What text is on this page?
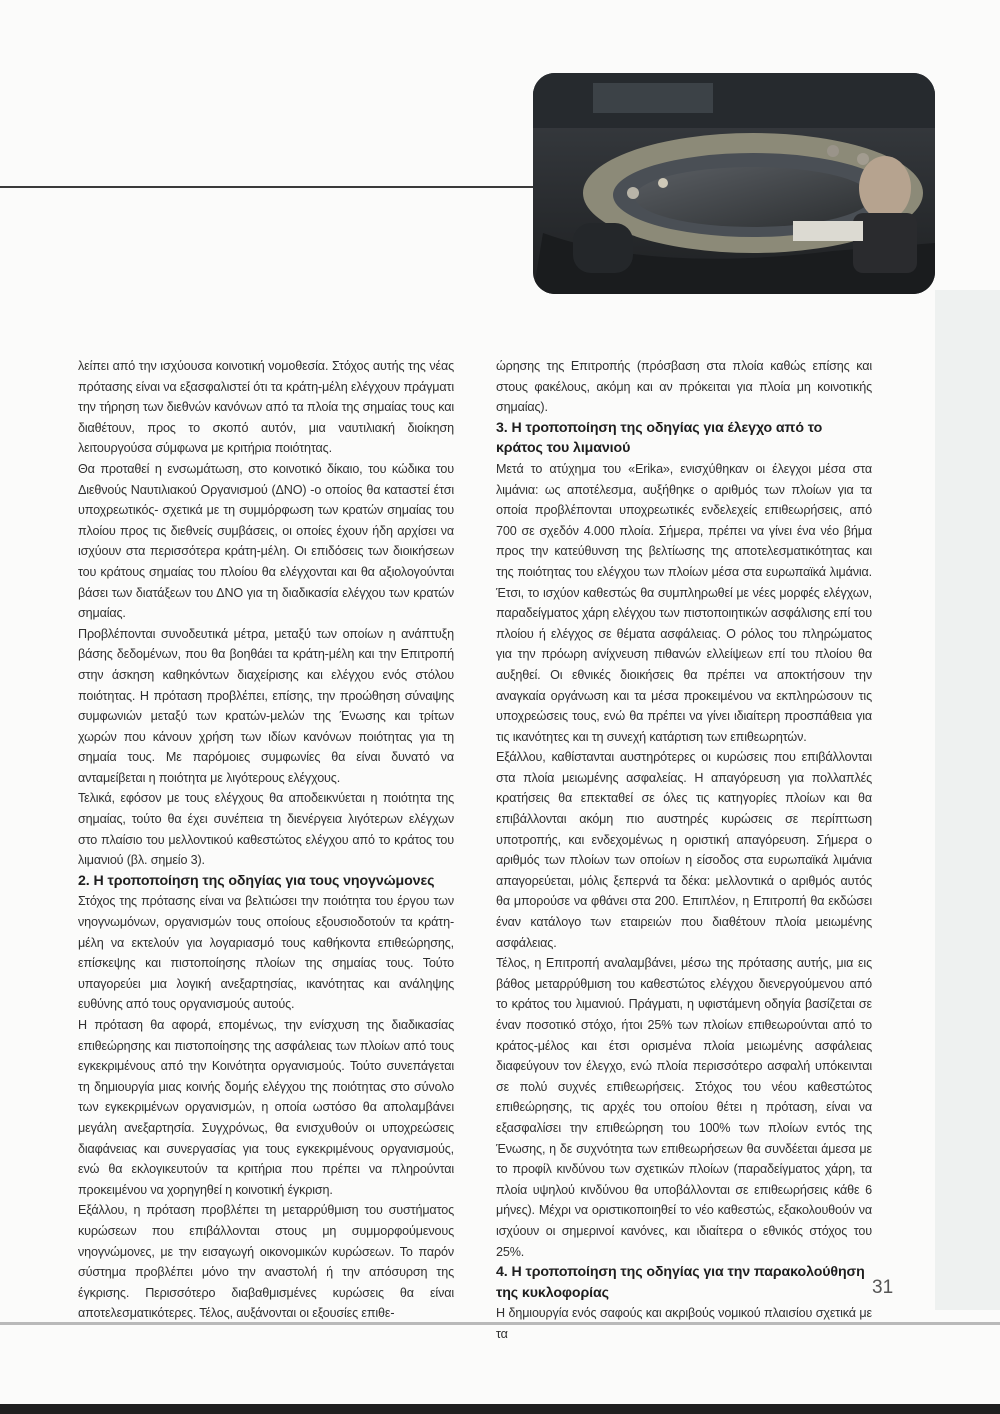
λείπει από την ισχύουσα κοινοτική νομοθεσία. Στόχος αυτής της νέας πρότασης είναι να εξασφαλιστεί ότι τα κράτη-μέλη ελέγχουν πράγματι την τήρηση των διεθνών κανόνων από τα πλοία της σημαίας τους και διαθέτουν, προς το σκοπό αυτόν, μια ναυτιλιακή διοίκηση λειτουργούσα σύμφωνα με κριτήρια ποιότητας.

Θα προταθεί η ενσωμάτωση, στο κοινοτικό δίκαιο, του κώδικα του Διεθνούς Ναυτιλιακού Οργανισμού (ΔΝΟ) -ο οποίος θα καταστεί έτσι υποχρεωτικός- σχετικά με τη συμμόρφωση των κρατών σημαίας του πλοίου προς τις διεθνείς συμβάσεις, οι οποίες έχουν ήδη αρχίσει να ισχύουν στα περισσότερα κράτη-μέλη. Οι επιδόσεις των διοικήσεων του κράτους σημαίας του πλοίου θα ελέγχονται και θα αξιολογούνται βάσει των διατάξεων του ΔΝΟ για τη διαδικασία ελέγχου των κρατών σημαίας.

Προβλέπονται συνοδευτικά μέτρα, μεταξύ των οποίων η ανάπτυξη βάσης δεδομένων, που θα βοηθάει τα κράτη-μέλη και την Επιτροπή στην άσκηση καθηκόντων διαχείρισης και ελέγχου ενός στόλου ποιότητας. Η πρόταση προβλέπει, επίσης, την προώθηση σύναψης συμφωνιών μεταξύ των κρατών-μελών της Ένωσης και τρίτων χωρών που κάνουν χρήση των ιδίων κανόνων ποιότητας για τη σημαία τους. Με παρόμοιες συμφωνίες θα είναι δυνατό να ανταμείβεται η ποιότητα με λιγότερους ελέγχους.

Τελικά, εφόσον με τους ελέγχους θα αποδεικνύεται η ποιότητα της σημαίας, τούτο θα έχει συνέπεια τη διενέργεια λιγότερων ελέγχων στο πλαίσιο του μελλοντικού καθεστώτος ελέγχου από το κράτος του λιμανιού (βλ. σημείο 3).

2. Η τροποποίηση της οδηγίας για τους νηογνώμονες

Στόχος της πρότασης είναι να βελτιώσει την ποιότητα του έργου των νηογνωμόνων, οργανισμών τους οποίους εξουσιοδοτούν τα κράτη-μέλη να εκτελούν για λογαριασμό τους καθήκοντα επιθεώρησης, επίσκεψης και πιστοποίησης πλοίων της σημαίας τους. Τούτο υπαγορεύει μια λογική ανεξαρτησίας, ικανότητας και ανάληψης ευθύνης από τους οργανισμούς αυτούς.

Η πρόταση θα αφορά, επομένως, την ενίσχυση της διαδικασίας επιθεώρησης και πιστοποίησης της ασφάλειας των πλοίων από τους εγκεκριμένους από την Κοινότητα οργανισμούς. Τούτο συνεπάγεται τη δημιουργία μιας κοινής δομής ελέγχου της ποιότητας στο σύνολο των εγκεκριμένων οργανισμών, η οποία ωστόσο θα απολαμβάνει μεγάλη ανεξαρτησία. Συγχρόνως, θα ενισχυθούν οι υποχρεώσεις διαφάνειας και συνεργασίας για τους εγκεκριμένους οργανισμούς, ενώ θα εκλογικευτούν τα κριτήρια που πρέπει να πληρούνται προκειμένου να χορηγηθεί η κοινοτική έγκριση.

Εξάλλου, η πρόταση προβλέπει τη μεταρρύθμιση του συστήματος κυρώσεων που επιβάλλονται στους μη συμμορφούμενους νηογνώμονες, με την εισαγωγή οικονομικών κυρώσεων. Το παρόν σύστημα προβλέπει μόνο την αναστολή ή την απόσυρση της έγκρισης. Περισσότερο διαβαθμισμένες κυρώσεις θα είναι αποτελεσματικότερες. Τέλος, αυξάνονται οι εξουσίες επιθε-

ώρησης της Επιτροπής (πρόσβαση στα πλοία καθώς επίσης και στους φακέλους, ακόμη και αν πρόκειται για πλοία μη κοινοτικής σημαίας).

3. Η τροποποίηση της οδηγίας για έλεγχο από το κράτος του λιμανιού

Μετά το ατύχημα του «Erika», ενισχύθηκαν οι έλεγχοι μέσα στα λιμάνια: ως αποτέλεσμα, αυξήθηκε ο αριθμός των πλοίων για τα οποία προβλέπονται υποχρεωτικές ενδελεχείς επιθεωρήσεις, από 700 σε σχεδόν 4.000 πλοία. Σήμερα, πρέπει να γίνει ένα νέο βήμα προς την κατεύθυνση της βελτίωσης της αποτελεσματικότητας και της ποιότητας του ελέγχου των πλοίων μέσα στα ευρωπαϊκά λιμάνια. Έτσι, το ισχύον καθεστώς θα συμπληρωθεί με νέες μορφές ελέγχων, παραδείγματος χάρη ελέγχου των πιστοποιητικών ασφάλισης επί του πλοίου ή ελέγχος σε θέματα ασφάλειας. Ο ρόλος του πληρώματος για την πρόωρη ανίχνευση πιθανών ελλείψεων επί του πλοίου θα αυξηθεί. Οι εθνικές διοικήσεις θα πρέπει να αποκτήσουν την αναγκαία οργάνωση και τα μέσα προκειμένου να εκπληρώσουν τις υποχρεώσεις τους, ενώ θα πρέπει να γίνει ιδιαίτερη προσπάθεια για τις ικανότητες και τη συνεχή κατάρτιση των επιθεωρητών.

Εξάλλου, καθίστανται αυστηρότερες οι κυρώσεις που επιβάλλονται στα πλοία μειωμένης ασφαλείας. Η απαγόρευση για πολλαπλές κρατήσεις θα επεκταθεί σε όλες τις κατηγορίες πλοίων και θα επιβάλλονται ακόμη πιο αυστηρές κυρώσεις σε περίπτωση υποτροπής, και ενδεχομένως η οριστική απαγόρευση. Σήμερα ο αριθμός των πλοίων των οποίων η είσοδος στα ευρωπαϊκά λιμάνια απαγορεύεται, μόλις ξεπερνά τα δέκα: μελλοντικά ο αριθμός αυτός θα μπορούσε να φθάνει στα 200. Επιπλέον, η Επιτροπή θα εκδώσει έναν κατάλογο των εταιρειών που διαθέτουν πλοία μειωμένης ασφάλειας.

Τέλος, η Επιτροπή αναλαμβάνει, μέσω της πρότασης αυτής, μια εις βάθος μεταρρύθμιση του καθεστώτος ελέγχου διενεργούμενου από το κράτος του λιμανιού. Πράγματι, η υφιστάμενη οδηγία βασίζεται σε έναν ποσοτικό στόχο, ήτοι 25% των πλοίων επιθεωρούνται από το κράτος-μέλος και έτσι ορισμένα πλοία μειωμένης ασφάλειας διαφεύγουν τον έλεγχο, ενώ πλοία περισσότερο ασφαλή υπόκεινται σε πολύ συχνές επιθεωρήσεις. Στόχος του νέου καθεστώτος επιθεώρησης, τις αρχές του οποίου θέτει η πρόταση, είναι να εξασφαλίσει την επιθεώρηση του 100% των πλοίων εντός της Ένωσης, η δε συχνότητα των επιθεωρήσεων θα συνδέεται άμεσα με το προφίλ κινδύνου των σχετικών πλοίων (παραδείγματος χάρη, τα πλοία υψηλού κινδύνου θα υποβάλλονται σε επιθεωρήσεις κάθε 6 μήνες). Μέχρι να οριστικοποιηθεί το νέο καθεστώς, εξακολουθούν να ισχύουν οι σημερινοί κανόνες, και ιδιαίτερα ο εθνικός στόχος του 25%.

4. Η τροποποίηση της οδηγίας για την παρακολούθηση της κυκλοφορίας

Η δημιουργία ενός σαφούς και ακριβούς νομικού πλαισίου σχετικά με τα

31
